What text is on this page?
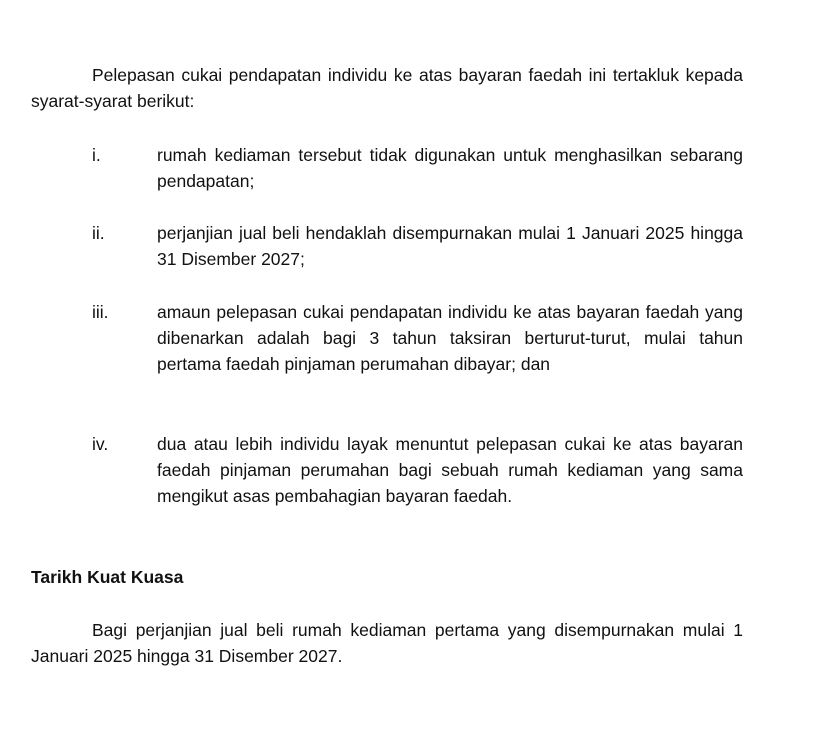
Pelepasan cukai pendapatan individu ke atas bayaran faedah ini tertakluk kepada syarat-syarat berikut:

i.	rumah kediaman tersebut tidak digunakan untuk menghasilkan sebarang pendapatan;
ii.	perjanjian jual beli hendaklah disempurnakan mulai 1 Januari 2025 hingga 31 Disember 2027;
iii.	amaun pelepasan cukai pendapatan individu ke atas bayaran faedah yang dibenarkan adalah bagi 3 tahun taksiran berturut-turut, mulai tahun pertama faedah pinjaman perumahan dibayar; dan
iv.	dua atau lebih individu layak menuntut pelepasan cukai ke atas bayaran faedah pinjaman perumahan bagi sebuah rumah kediaman yang sama mengikut asas pembahagian bayaran faedah.
Tarikh Kuat Kuasa

Bagi perjanjian jual beli rumah kediaman pertama yang disempurnakan mulai 1 Januari 2025 hingga 31 Disember 2027.
